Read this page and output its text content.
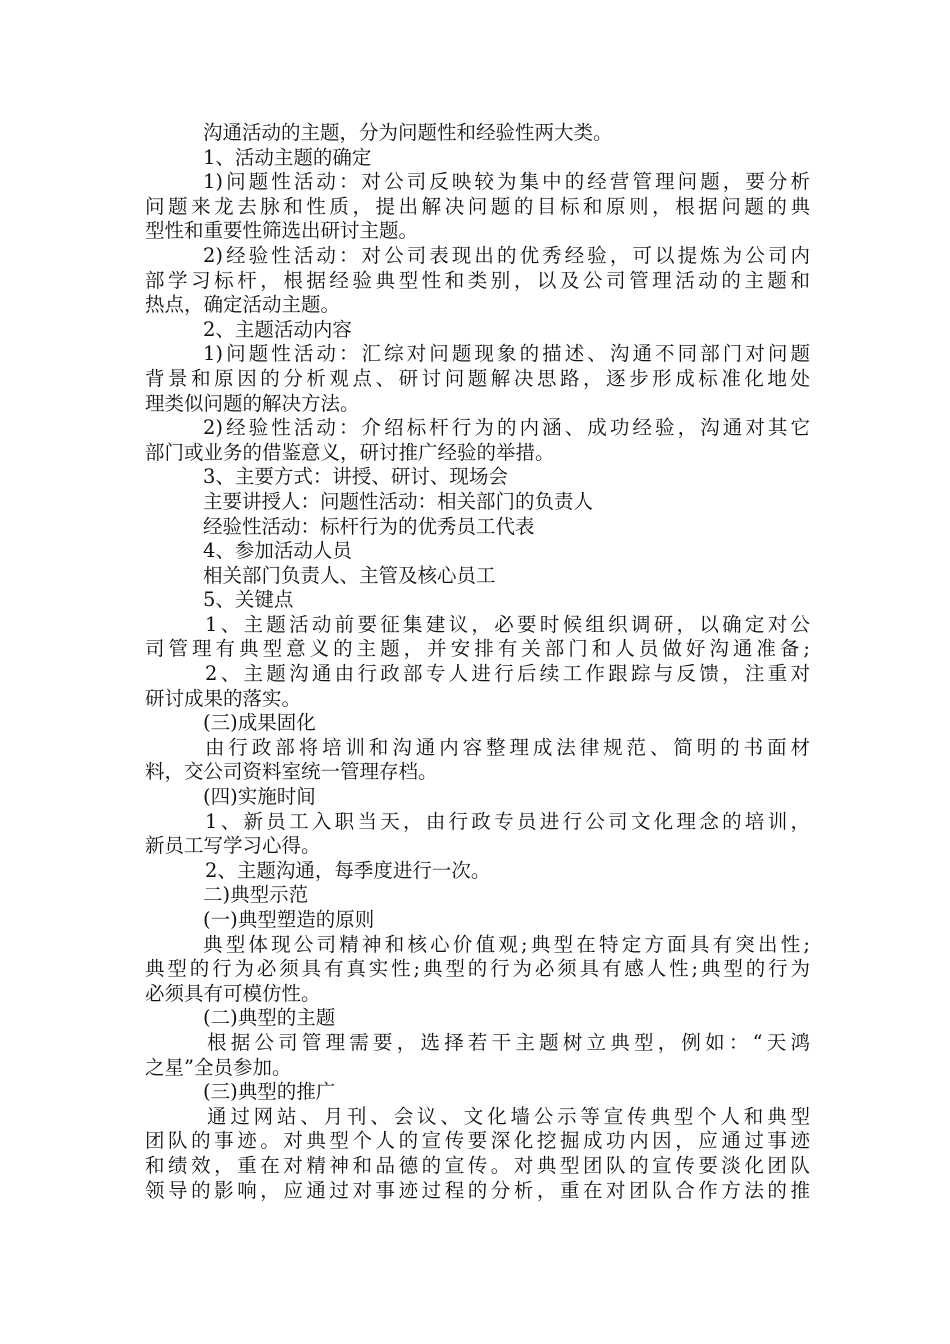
沟通活动的主题，分为问题性和经验性两大类。
1、活动主题的确定
1)问题性活动：对公司反映较为集中的经营管理问题，要分析
问题来龙去脉和性质，提出解决问题的目标和原则，根据问题的典
型性和重要性筛选出研讨主题。
2)经验性活动：对公司表现出的优秀经验，可以提炼为公司内
部学习标杆，根据经验典型性和类别，以及公司管理活动的主题和
热点，确定活动主题。
2、主题活动内容
1)问题性活动：汇综对问题现象的描述、沟通不同部门对问题
背景和原因的分析观点、研讨问题解决思路，逐步形成标准化地处
理类似问题的解决方法。
2)经验性活动：介绍标杆行为的内涵、成功经验，沟通对其它
部门或业务的借鉴意义，研讨推广经验的举措。
3、主要方式：讲授、研讨、现场会
主要讲授人：问题性活动：相关部门的负责人
经验性活动：标杆行为的优秀员工代表
4、参加活动人员
相关部门负责人、主管及核心员工
5、关键点
1、主题活动前要征集建议，必要时候组织调研，以确定对公
司管理有典型意义的主题，并安排有关部门和人员做好沟通准备;
2、主题沟通由行政部专人进行后续工作跟踪与反馈，注重对
研讨成果的落实。
(三)成果固化
由行政部将培训和沟通内容整理成法律规范、简明的书面材
料，交公司资料室统一管理存档。
(四)实施时间
1、新员工入职当天，由行政专员进行公司文化理念的培训，
新员工写学习心得。
2、主题沟通，每季度进行一次。
二)典型示范
(一)典型塑造的原则
典型体现公司精神和核心价值观;典型在特定方面具有突出性;
典型的行为必须具有真实性;典型的行为必须具有感人性;典型的行为
必须具有可模仿性。
(二)典型的主题
根据公司管理需要，选择若干主题树立典型，例如：“天鸿
之星”全员参加。
(三)典型的推广
通过网站、月刊、会议、文化墙公示等宣传典型个人和典型
团队的事迹。对典型个人的宣传要深化挖掘成功内因，应通过事迹
和绩效，重在对精神和品德的宣传。对典型团队的宣传要淡化团队
领导的影响，应通过对事迹过程的分析，重在对团队合作方法的推
